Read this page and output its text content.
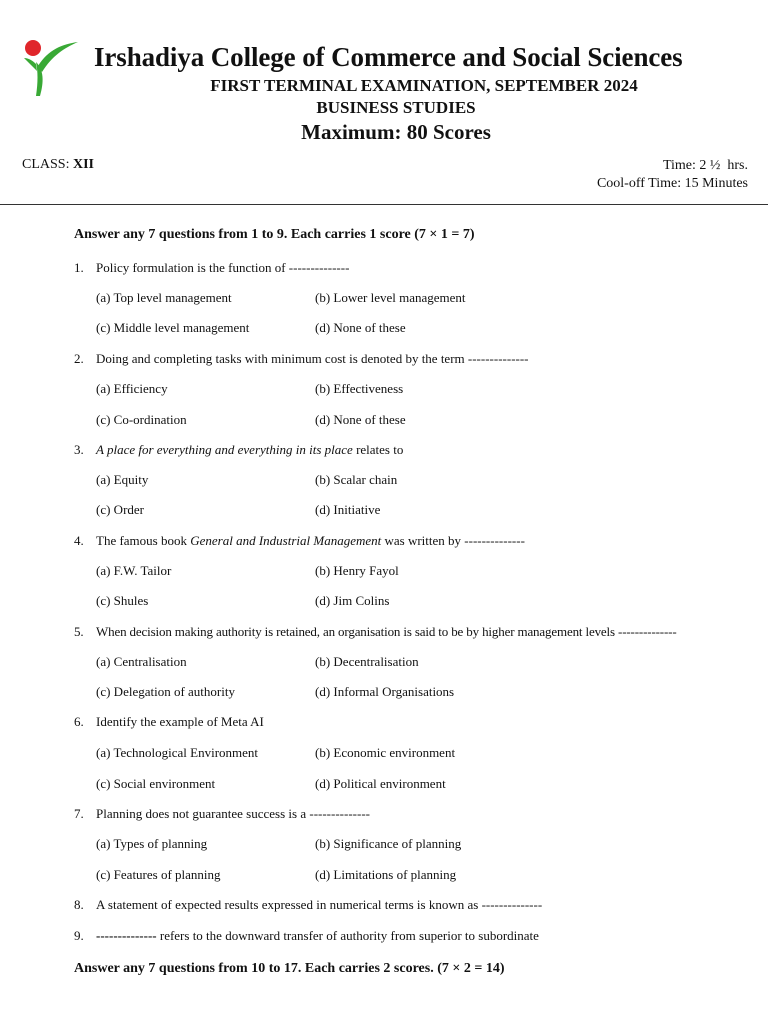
Irshadiya College of Commerce and Social Sciences
FIRST TERMINAL EXAMINATION, SEPTEMBER 2024
BUSINESS STUDIES
Maximum: 80 Scores
CLASS: XII	Time: 2 ½  hrs.
Cool-off Time: 15 Minutes
Answer any 7 questions from 1 to 9. Each carries 1 score (7 × 1 = 7)
1. Policy formulation is the function of --------------
(a) Top level management	(b) Lower level management
(c) Middle level management	(d) None of these
2. Doing and completing tasks with minimum cost is denoted by the term --------------
(a) Efficiency	(b) Effectiveness
(c) Co-ordination	(d) None of these
3. A place for everything and everything in its place relates to
(a) Equity	(b) Scalar chain
(c) Order	(d) Initiative
4. The famous book General and Industrial Management was written by --------------
(a) F.W. Tailor	(b) Henry Fayol
(c) Shules	(d) Jim Colins
5. When decision making authority is retained, an organisation is said to be by higher management levels --------------
(a) Centralisation	(b) Decentralisation
(c) Delegation of authority	(d) Informal Organisations
6. Identify the example of Meta AI
(a) Technological Environment	(b) Economic environment
(c) Social environment	(d) Political environment
7. Planning does not guarantee success is a --------------
(a) Types of planning	(b) Significance of planning
(c) Features of planning	(d) Limitations of planning
8. A statement of expected results expressed in numerical terms is known as --------------
9. -------------- refers to the downward transfer of authority from superior to subordinate
Answer any 7 questions from 10 to 17. Each carries 2 scores. (7 × 2 = 14)
